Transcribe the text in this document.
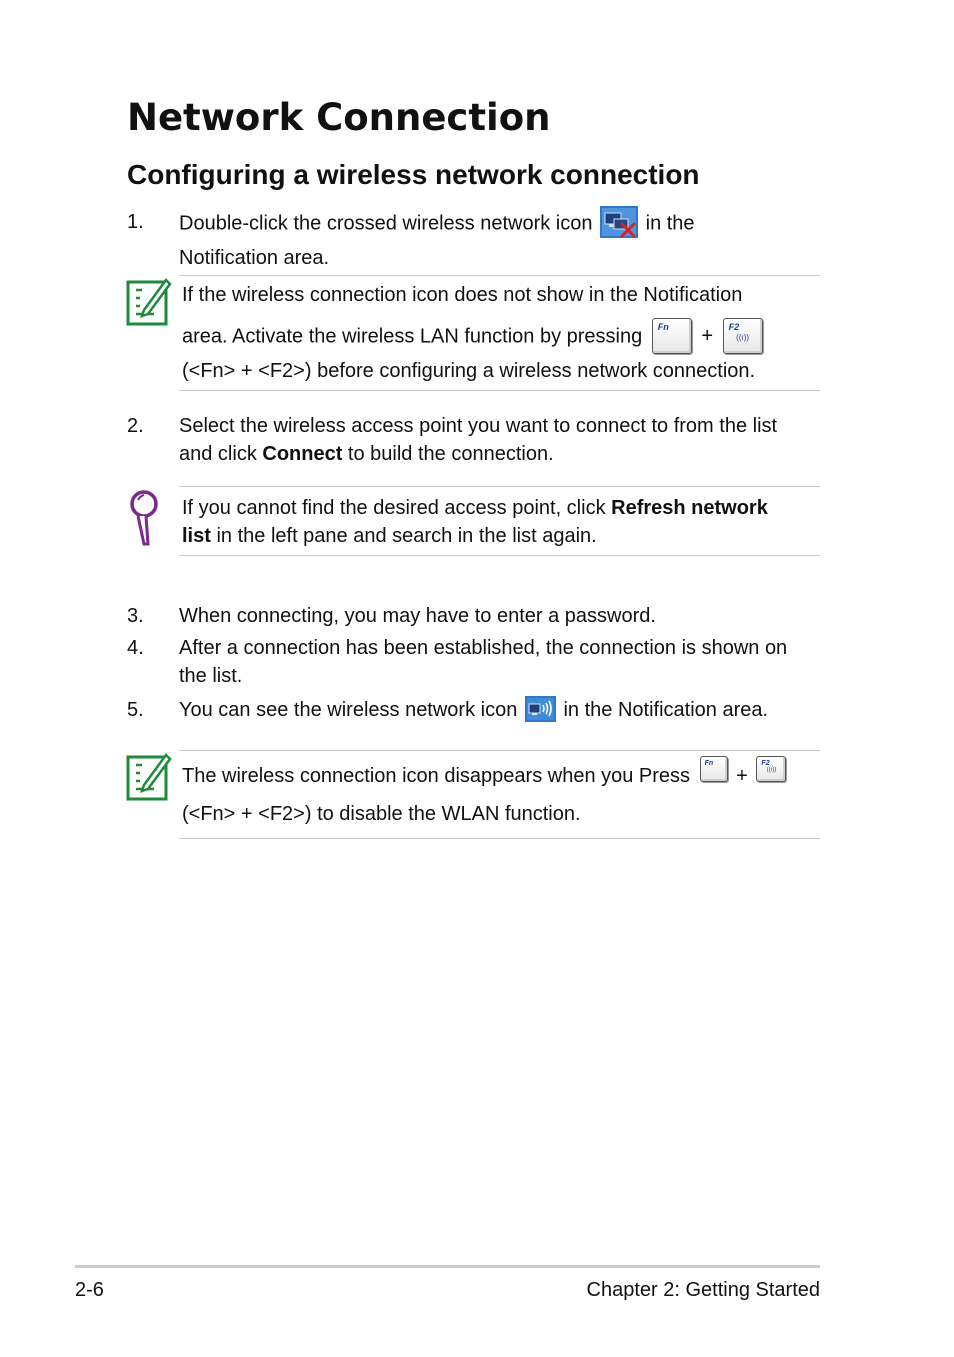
Network Connection
Configuring a wireless network connection
1. Double-click the crossed wireless network icon	in the
Notification area.
If the wireless connection icon does not show in the Notification
area. Activate the wireless LAN function by pressing Fn + F2
((ı))
(<Fn> + <F2>) before configuring a wireless network connection.
2. Select the wireless access point you want to connect to from the list
and click Connect to build the connection.
If you cannot find the desired access point, click Refresh network
list in the left pane and search in the list again.
3. When connecting, you may have to enter a password.
4. After a connection has been established, the connection is shown on
the list.
5. You can see the wireless network icon in the Notification area.
The wireless connection icon disappears when you Press
Fn
+
F2
((ı))
(<Fn> + <F2>) to disable the WLAN function.
2-6	Chapter 2: Getting Started
